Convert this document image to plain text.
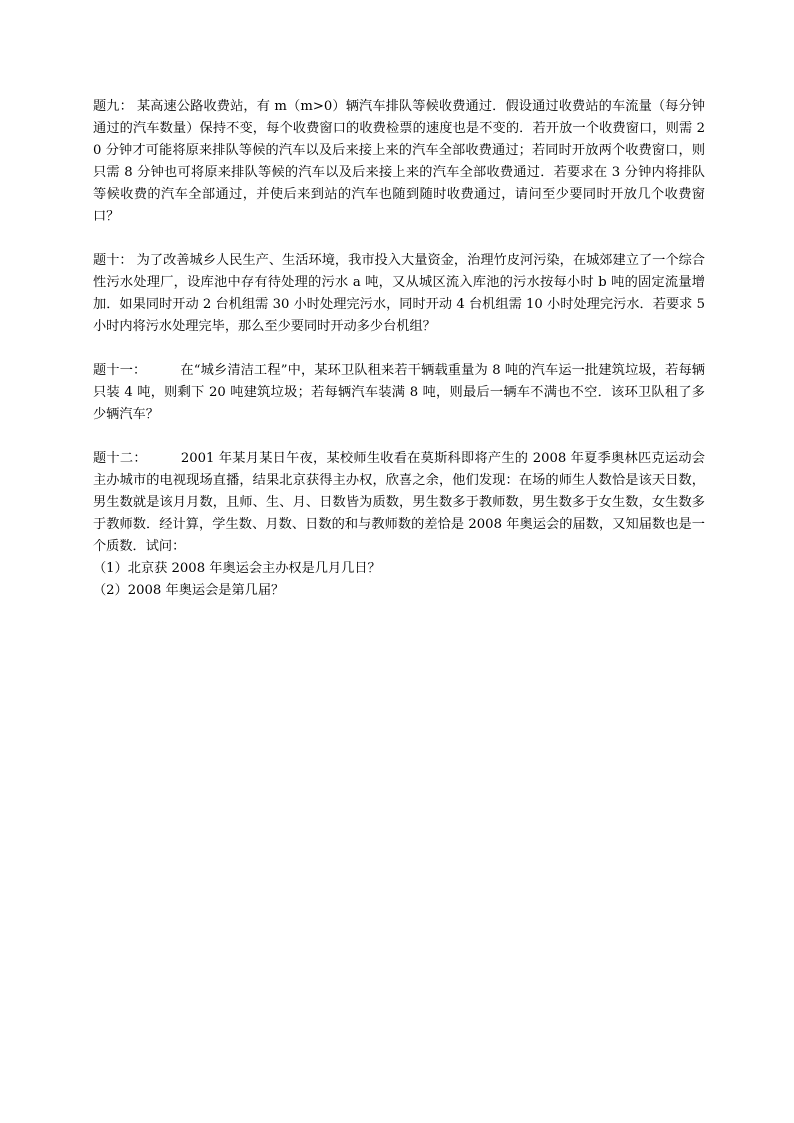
题九： 某高速公路收费站，有 m（m>0）辆汽车排队等候收费通过．假设通过收费站的车流量（每分钟通过的汽车数量）保持不变，每个收费窗口的收费检票的速度也是不变的．若开放一个收费窗口，则需 20 分钟才可能将原来排队等候的汽车以及后来接上来的汽车全部收费通过；若同时开放两个收费窗口，则只需 8 分钟也可将原来排队等候的汽车以及后来接上来的汽车全部收费通过．若要求在 3 分钟内将排队等候收费的汽车全部通过，并使后来到站的汽车也随到随时收费通过，请问至少要同时开放几个收费窗口？

题十： 为了改善城乡人民生产、生活环境，我市投入大量资金，治理竹皮河污染，在城郊建立了一个综合性污水处理厂，设库池中存有待处理的污水 a 吨，又从城区流入库池的污水按每小时 b 吨的固定流量增加．如果同时开动 2 台机组需 30 小时处理完污水，同时开动 4 台机组需 10 小时处理完污水．若要求 5 小时内将污水处理完毕，那么至少要同时开动多少台机组？

题十一：	在“城乡清洁工程”中，某环卫队租来若干辆载重量为 8 吨的汽车运一批建筑垃圾，若每辆只装 4 吨，则剩下 20 吨建筑垃圾；若每辆汽车装满 8 吨，则最后一辆车不满也不空．该环卫队租了多少辆汽车？

题十二：	2001 年某月某日午夜，某校师生收看在莫斯科即将产生的 2008 年夏季奥林匹克运动会主办城市的电视现场直播，结果北京获得主办权，欣喜之余，他们发现：在场的师生人数恰是该天日数，男生数就是该月月数，且师、生、月、日数皆为质数，男生数多于教师数，男生数多于女生数，女生数多于教师数．经计算，学生数、月数、日数的和与教师数的差恰是 2008 年奥运会的届数，又知届数也是一个质数．试问：
（1）北京获 2008 年奥运会主办权是几月几日？
（2）2008 年奥运会是第几届？
